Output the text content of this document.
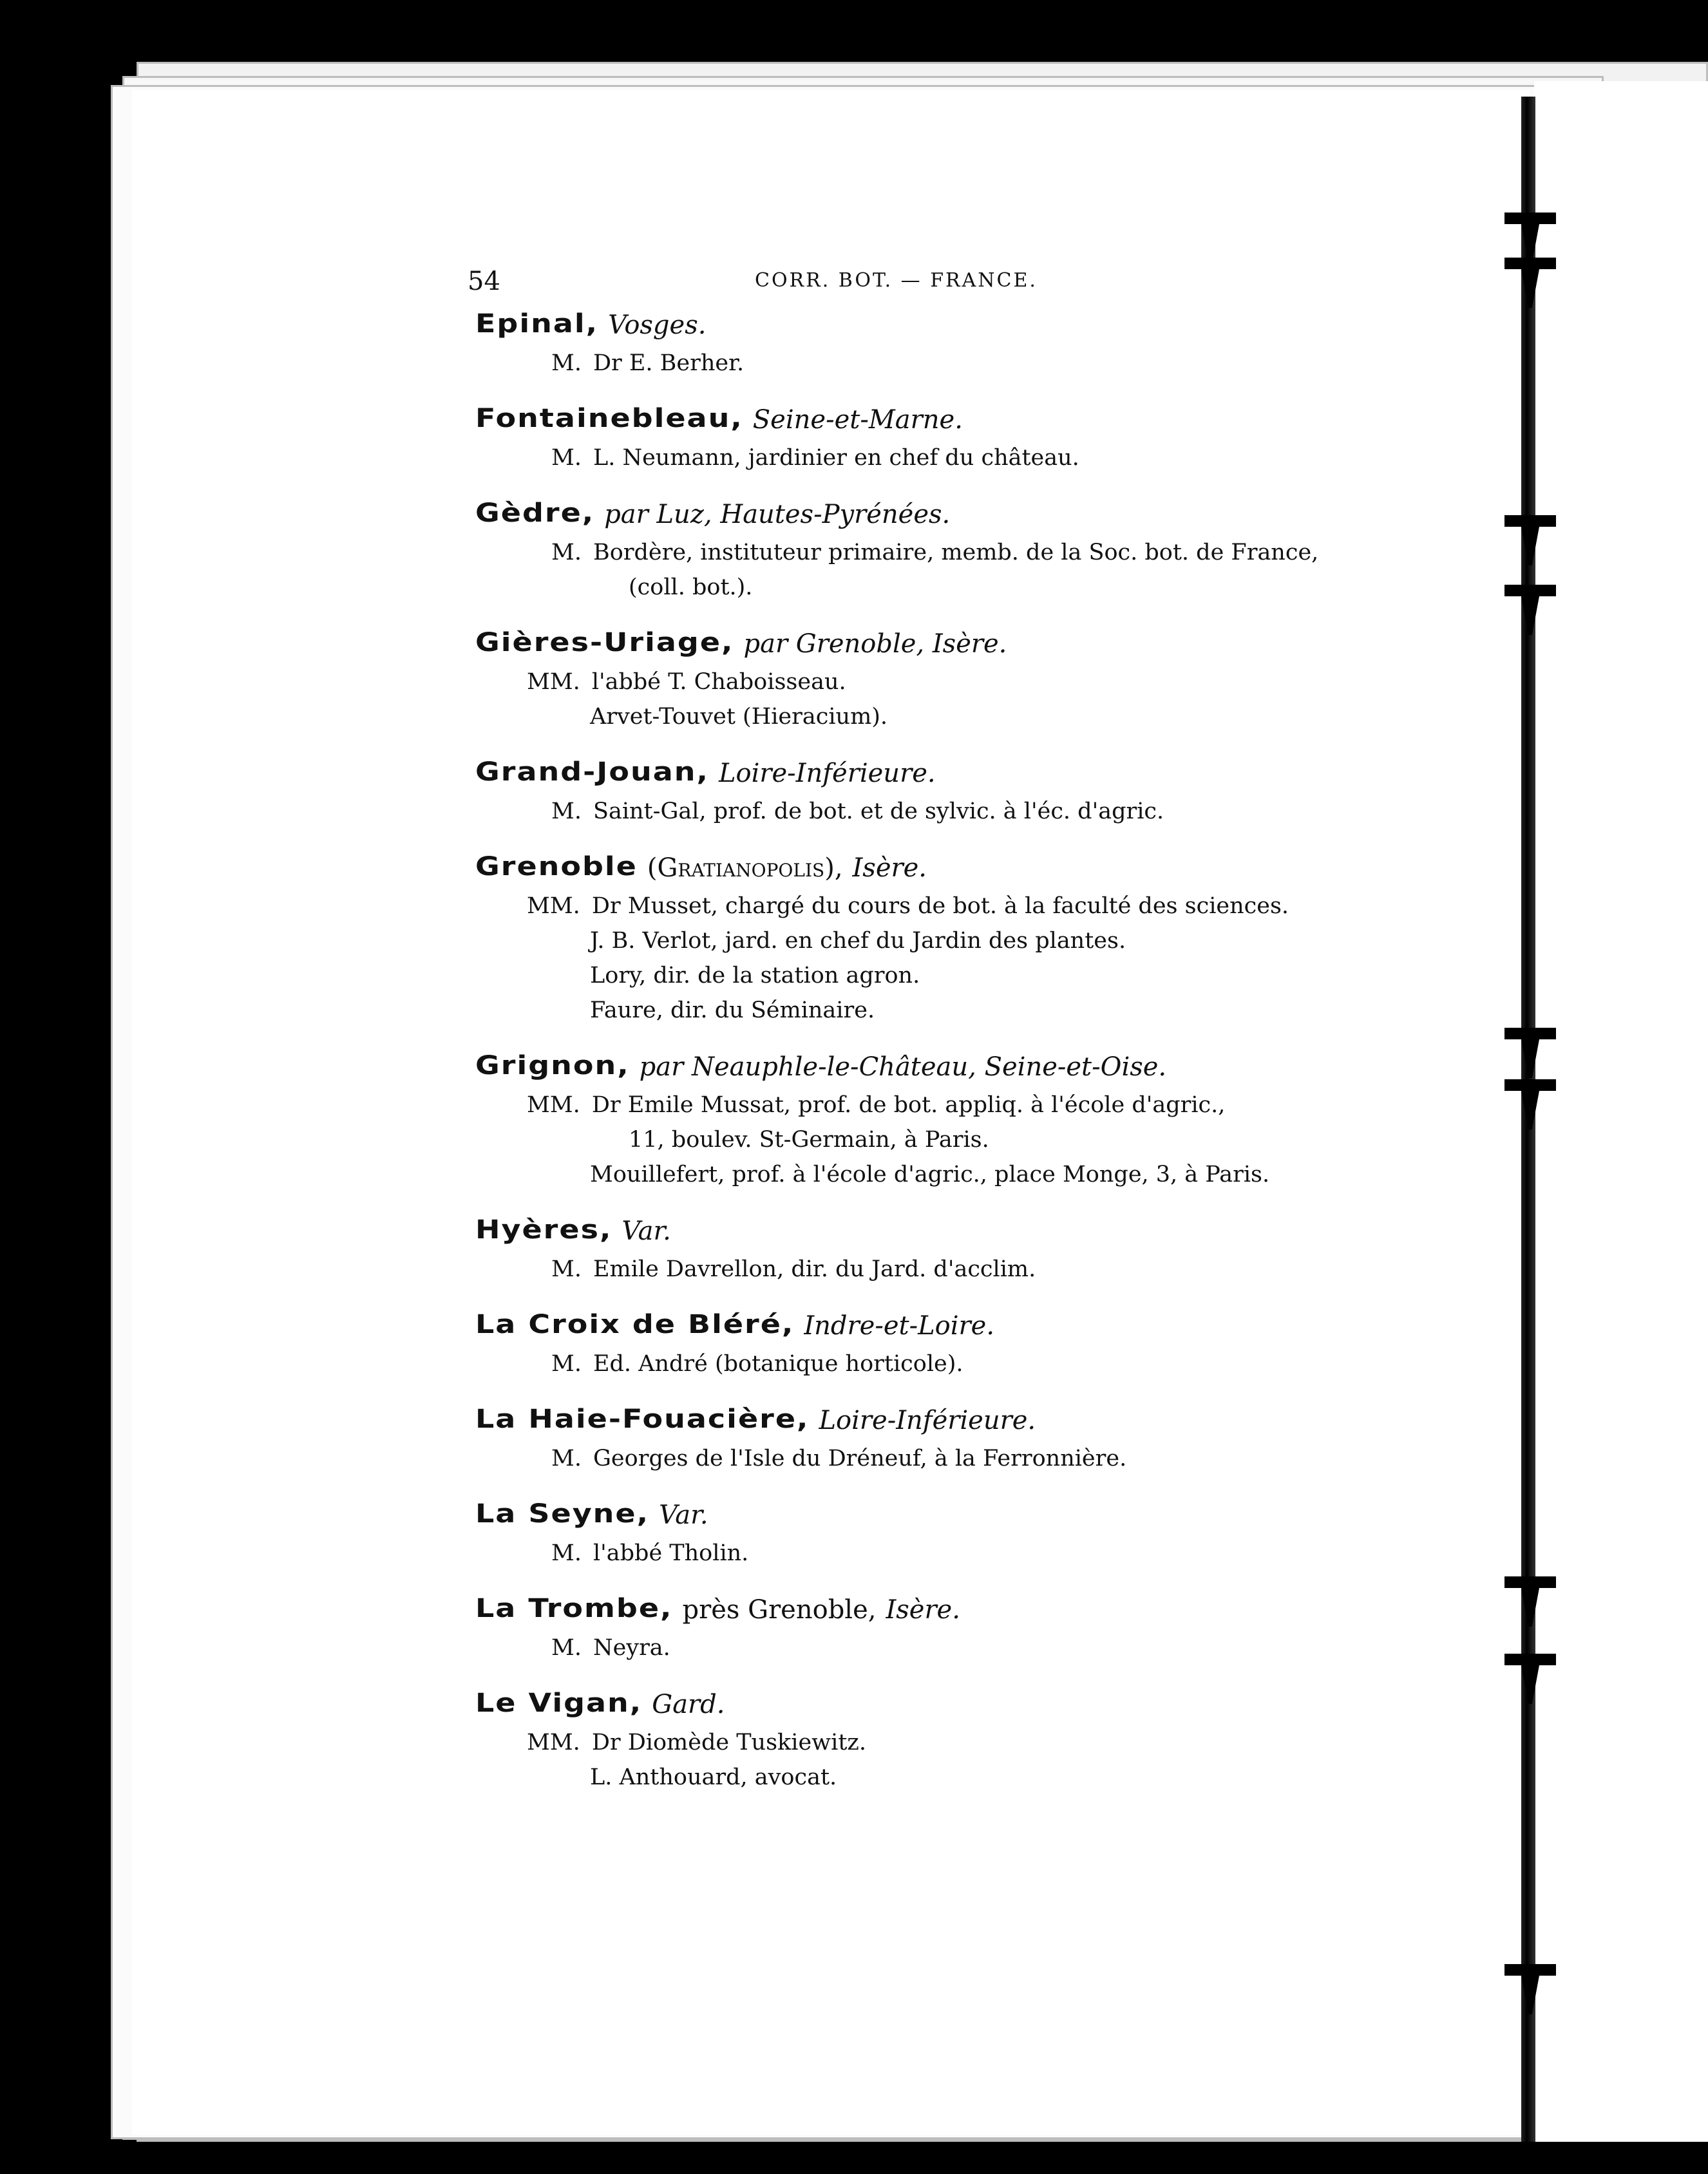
54	CORR. BOT. — FRANCE.
Epinal, Vosges.
M. Dr E. Berher.
Fontainebleau, Seine-et-Marne.
M. L. Neumann, jardinier en chef du château.
Gèdre, par Luz, Hautes-Pyrénées.
M. Bordère, instituteur primaire, memb. de la Soc. bot. de France,
(coll. bot.).
Gières-Uriage, par Grenoble, Isère.
MM. l'abbé T. Chaboisseau.
Arvet-Touvet (Hieracium).
Grand-Jouan, Loire-Inférieure.
M. Saint-Gal, prof. de bot. et de sylvic. à l'éc. d'agric.
Grenoble (Gratianopolis), Isère.
MM. Dr Musset, chargé du cours de bot. à la faculté des sciences.
J. B. Verlot, jard. en chef du Jardin des plantes.
Lory, dir. de la station agron.
Faure, dir. du Séminaire.
Grignon, par Neauphle-le-Château, Seine-et-Oise.
MM. Dr Emile Mussat, prof. de bot. appliq. à l'école d'agric.,
11, boulev. St-Germain, à Paris.
Mouillefert, prof. à l'école d'agric., place Monge, 3, à Paris.
Hyères, Var.
M. Emile Davrellon, dir. du Jard. d'acclim.
La Croix de Bléré, Indre-et-Loire.
M. Ed. André (botanique horticole).
La Haie-Fouacière, Loire-Inférieure.
M. Georges de l'Isle du Dréneuf, à la Ferronnière.
La Seyne, Var.
M. l'abbé Tholin.
La Trombe, près Grenoble, Isère.
M. Neyra.
Le Vigan, Gard.
MM. Dr Diomède Tuskiewitz.
L. Anthouard, avocat.
